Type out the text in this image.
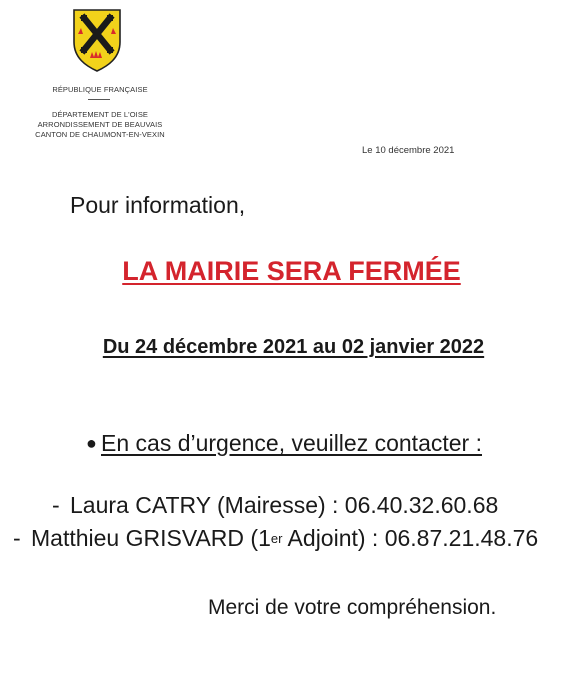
RÉPUBLIQUE FRANÇAISE
DÉPARTEMENT DE L'OISE
ARRONDISSEMENT DE BEAUVAIS
CANTON DE CHAUMONT-EN-VEXIN
Le 10 décembre 2021
Pour information,
LA MAIRIE SERA FERMÉE
Du 24 décembre 2021 au 02 janvier 2022
● En cas d’urgence, veuillez contacter :
- Laura CATRY (Mairesse) : 06.40.32.60.68
- Matthieu GRISVARD (1er Adjoint) : 06.87.21.48.76
Merci de votre compréhension.
